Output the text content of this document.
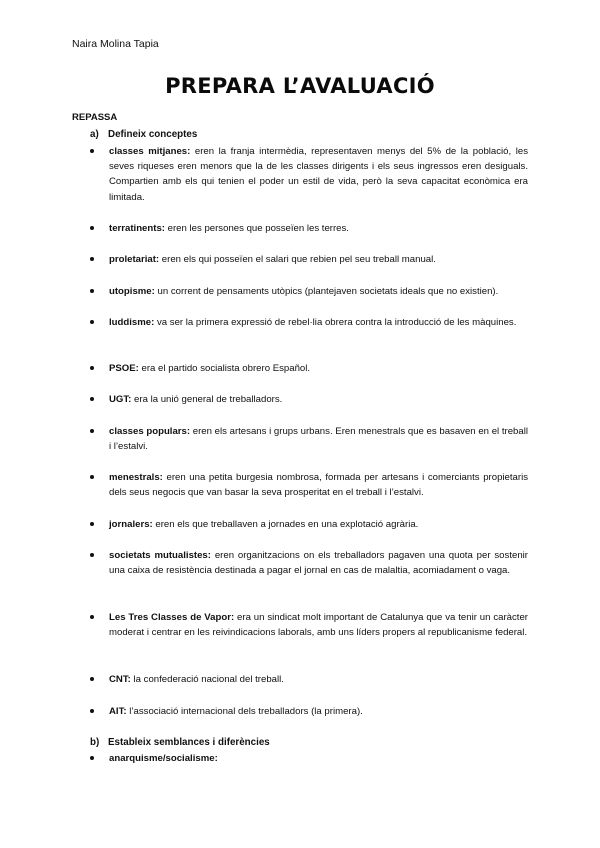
Naira Molina Tapia
PREPARA L’AVALUACIÓ
REPASSA
a) Defineix conceptes
classes mitjanes: eren la franja intermèdia, representaven menys del 5% de la població, les seves riqueses eren menors que la de les classes dirigents i els seus ingressos eren desiguals. Compartien amb els qui tenien el poder un estil de vida, però la seva capacitat econòmica era limitada.
terratinents: eren les persones que posseïen les terres.
proletariat: eren els qui posseïen el salari que rebien pel seu treball manual.
utopisme: un corrent de pensaments utòpics (plantejaven societats ideals que no existien).
luddisme: va ser la primera expressió de rebel·lia obrera contra la introducció de les màquines.
PSOE: era el partido socialista obrero Español.
UGT: era la unió general de treballadors.
classes populars: eren els artesans i grups urbans. Eren menestrals que es basaven en el treball i l’estalvi.
menestrals: eren una petita burgesia nombrosa, formada per artesans i comerciants propietaris dels seus negocis que van basar la seva prosperitat en el treball i l’estalvi.
jornalers: eren els que treballaven a jornades en una explotació agrària.
societats mutualistes: eren organitzacions on els treballadors pagaven una quota per sostenir una caixa de resistència destinada a pagar el jornal en cas de malaltia, acomiadament o vaga.
Les Tres Classes de Vapor: era un sindicat molt important de Catalunya que va tenir un caràcter moderat i centrar en les reivindicacions laborals, amb uns líders propers al republicanisme federal.
CNT: la confederació nacional del treball.
AIT: l’associació internacional dels treballadors (la primera).
b) Estableix semblances i diferències
anarquisme/socialisme:
